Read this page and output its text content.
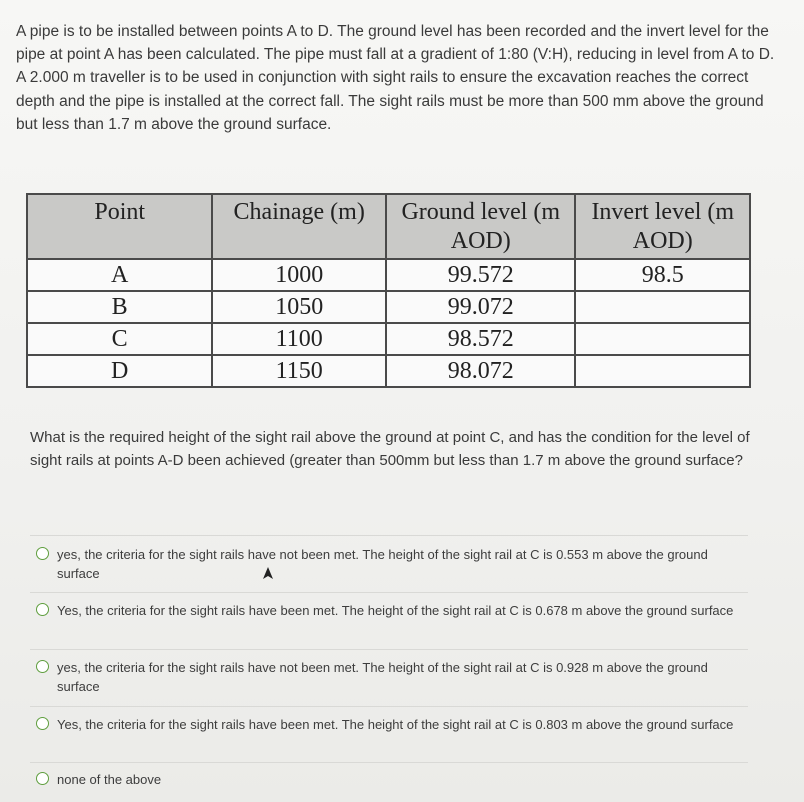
A pipe is to be installed between points A to D. The ground level has been recorded and the invert level for the pipe at point A has been calculated. The pipe must fall at a gradient of 1:80 (V:H), reducing in level from A to D. A 2.000 m traveller is to be used in conjunction with sight rails to ensure the excavation reaches the correct depth and the pipe is installed at the correct fall. The sight rails must be more than 500 mm above the ground but less than 1.7 m above the ground surface.

Point	Chainage (m)	Ground level (m AOD)	Invert level (m AOD)
A	1000	99.572	98.5
B	1050	99.072	
C	1100	98.572	
D	1150	98.072	

What is the required height of the sight rail above the ground at point C, and has the condition for the level of sight rails at points A-D been achieved (greater than 500mm but less than 1.7 m above the ground surface?

yes, the criteria for the sight rails have not been met. The height of the sight rail at C is 0.553 m above the ground surface
Yes, the criteria for the sight rails have been met. The height of the sight rail at C is 0.678 m above the ground surface
yes, the criteria for the sight rails have not been met. The height of the sight rail at C is 0.928 m above the ground surface
Yes, the criteria for the sight rails have been met. The height of the sight rail at C is 0.803 m above the ground surface
none of the above
